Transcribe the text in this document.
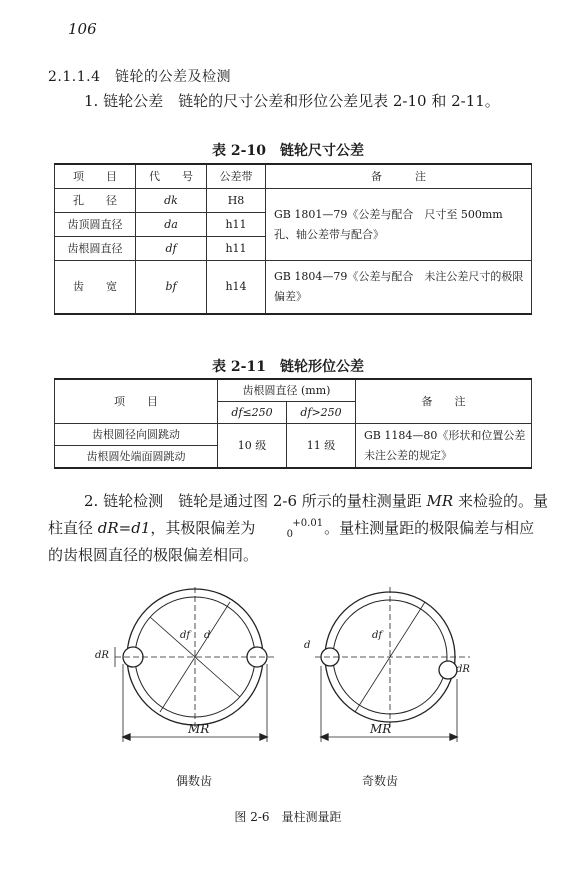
106
2.1.1.4　链轮的公差及检测
1. 链轮公差　链轮的尺寸公差和形位公差见表 2-10 和 2-11。
表 2-10　链轮尺寸公差
项　　目	代　　号	公差带	备　　　注
孔　　径	dk	H8	GB 1801—79《公差与配合　尺寸至 500mm 孔、轴公差带与配合》
齿顶圆直径	da	h11	
齿根圆直径	df	h11	
齿　　宽	bf	h14	GB 1804—79《公差与配合　未注公差尺寸的极限偏差》
表 2-11　链轮形位公差
项　　目	齿根圆直径 (mm)		备　　注
	df≤250	df>250	
齿根圆径向圆跳动	10 级	11 级	GB 1184—80《形状和位置公差　未注公差的规定》
齿根圆处端面圆跳动			
2. 链轮检测　链轮是通过图 2-6 所示的量柱测量距 MR 来检验的。量柱直径 dR=d1，其极限偏差为	+0.01
0 。量柱测量距的极限偏差与相应的齿根圆直径的极限偏差相同。
dR
df d
MR
d
df
dR
MR
偶数齿	奇数齿
图 2-6　量柱测量距
